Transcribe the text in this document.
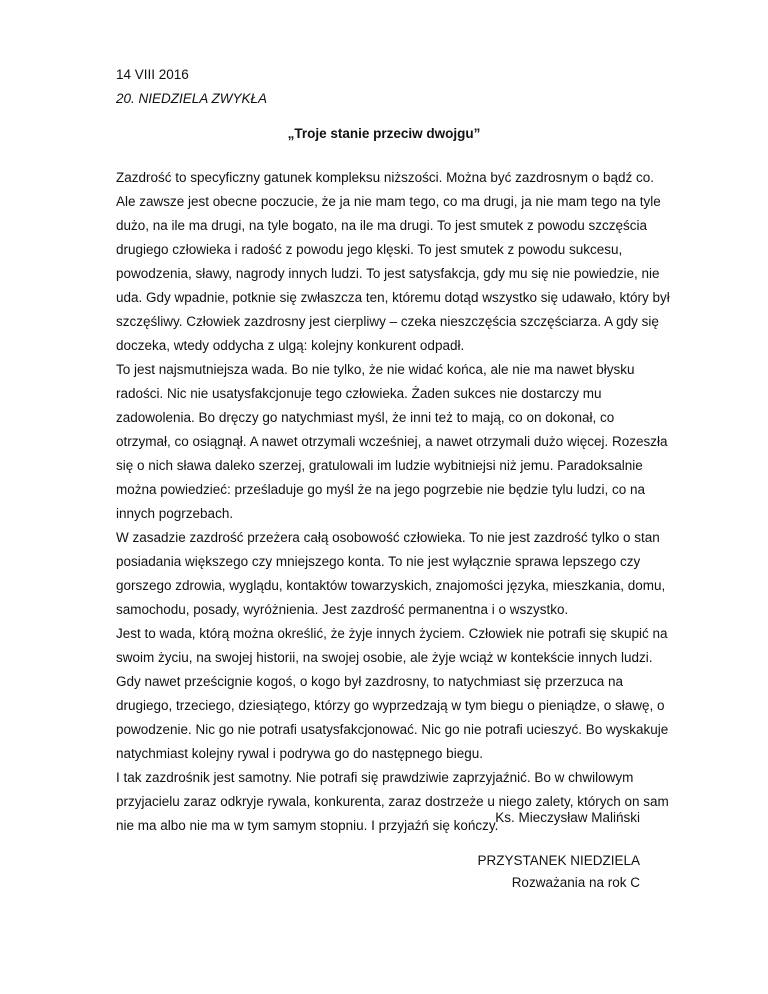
14 VIII 2016

20. NIEDZIELA ZWYKŁA

„Troje stanie przeciw dwojgu”

Zazdrość to specyficzny gatunek kompleksu niższości. Można być zazdrosnym o bądź co.
Ale zawsze jest obecne poczucie, że ja nie mam tego, co ma drugi, ja nie mam tego na tyle
dużo, na ile ma drugi, na tyle bogato, na ile ma drugi. To jest smutek z powodu szczęścia
drugiego człowieka i radość z powodu jego klęski. To jest smutek z powodu sukcesu,
powodzenia, sławy, nagrody innych ludzi. To jest satysfakcja, gdy mu się nie powiedzie, nie
uda. Gdy wpadnie, potknie się zwłaszcza ten, któremu dotąd wszystko się udawało, który był
szczęśliwy. Człowiek zazdrosny jest cierpliwy – czeka nieszczęścia szczęściarza. A gdy się
doczeka, wtedy oddycha z ulgą: kolejny konkurent odpadł.

To jest najsmutniejsza wada. Bo nie tylko, że nie widać końca, ale nie ma nawet błysku
radości. Nic nie usatysfakcjonuje tego człowieka. Żaden sukces nie dostarczy mu
zadowolenia. Bo dręczy go natychmiast myśl, że inni też to mają, co on dokonał, co
otrzymał, co osiągnął. A nawet otrzymali wcześniej, a nawet otrzymali dużo więcej. Rozeszła
się o nich sława daleko szerzej, gratulowali im ludzie wybitniejsi niż jemu. Paradoksalnie
można powiedzieć: prześladuje go myśl że na jego pogrzebie nie będzie tylu ludzi, co na
innych pogrzebach.

W zasadzie zazdrość przeżera całą osobowość człowieka. To nie jest zazdrość tylko o stan
posiadania większego czy mniejszego konta. To nie jest wyłącznie sprawa lepszego czy
gorszego zdrowia, wyglądu, kontaktów towarzyskich, znajomości języka, mieszkania, domu,
samochodu, posady, wyróżnienia. Jest zazdrość permanentna i o wszystko.

Jest to wada, którą można określić, że żyje innych życiem. Człowiek nie potrafi się skupić na
swoim życiu, na swojej historii, na swojej osobie, ale żyje wciąż w kontekście innych ludzi.
Gdy nawet prześcignie kogoś, o kogo był zazdrosny, to natychmiast się przerzuca na
drugiego, trzeciego, dziesiątego, którzy go wyprzedzają w tym biegu o pieniądze, o sławę, o
powodzenie. Nic go nie potrafi usatysfakcjonować. Nic go nie potrafi ucieszyć. Bo wyskakuje
natychmiast kolejny rywal i podrywa go do następnego biegu.

I tak zazdrośnik jest samotny. Nie potrafi się prawdziwie zaprzyjaźnić. Bo w chwilowym
przyjacielu zaraz odkryje rywala, konkurenta, zaraz dostrzeże u niego zalety, których on sam
nie ma albo nie ma w tym samym stopniu. I przyjaźń się kończy.

Ks. Mieczysław Maliński

PRZYSTANEK NIEDZIELA
Rozważania na rok C
